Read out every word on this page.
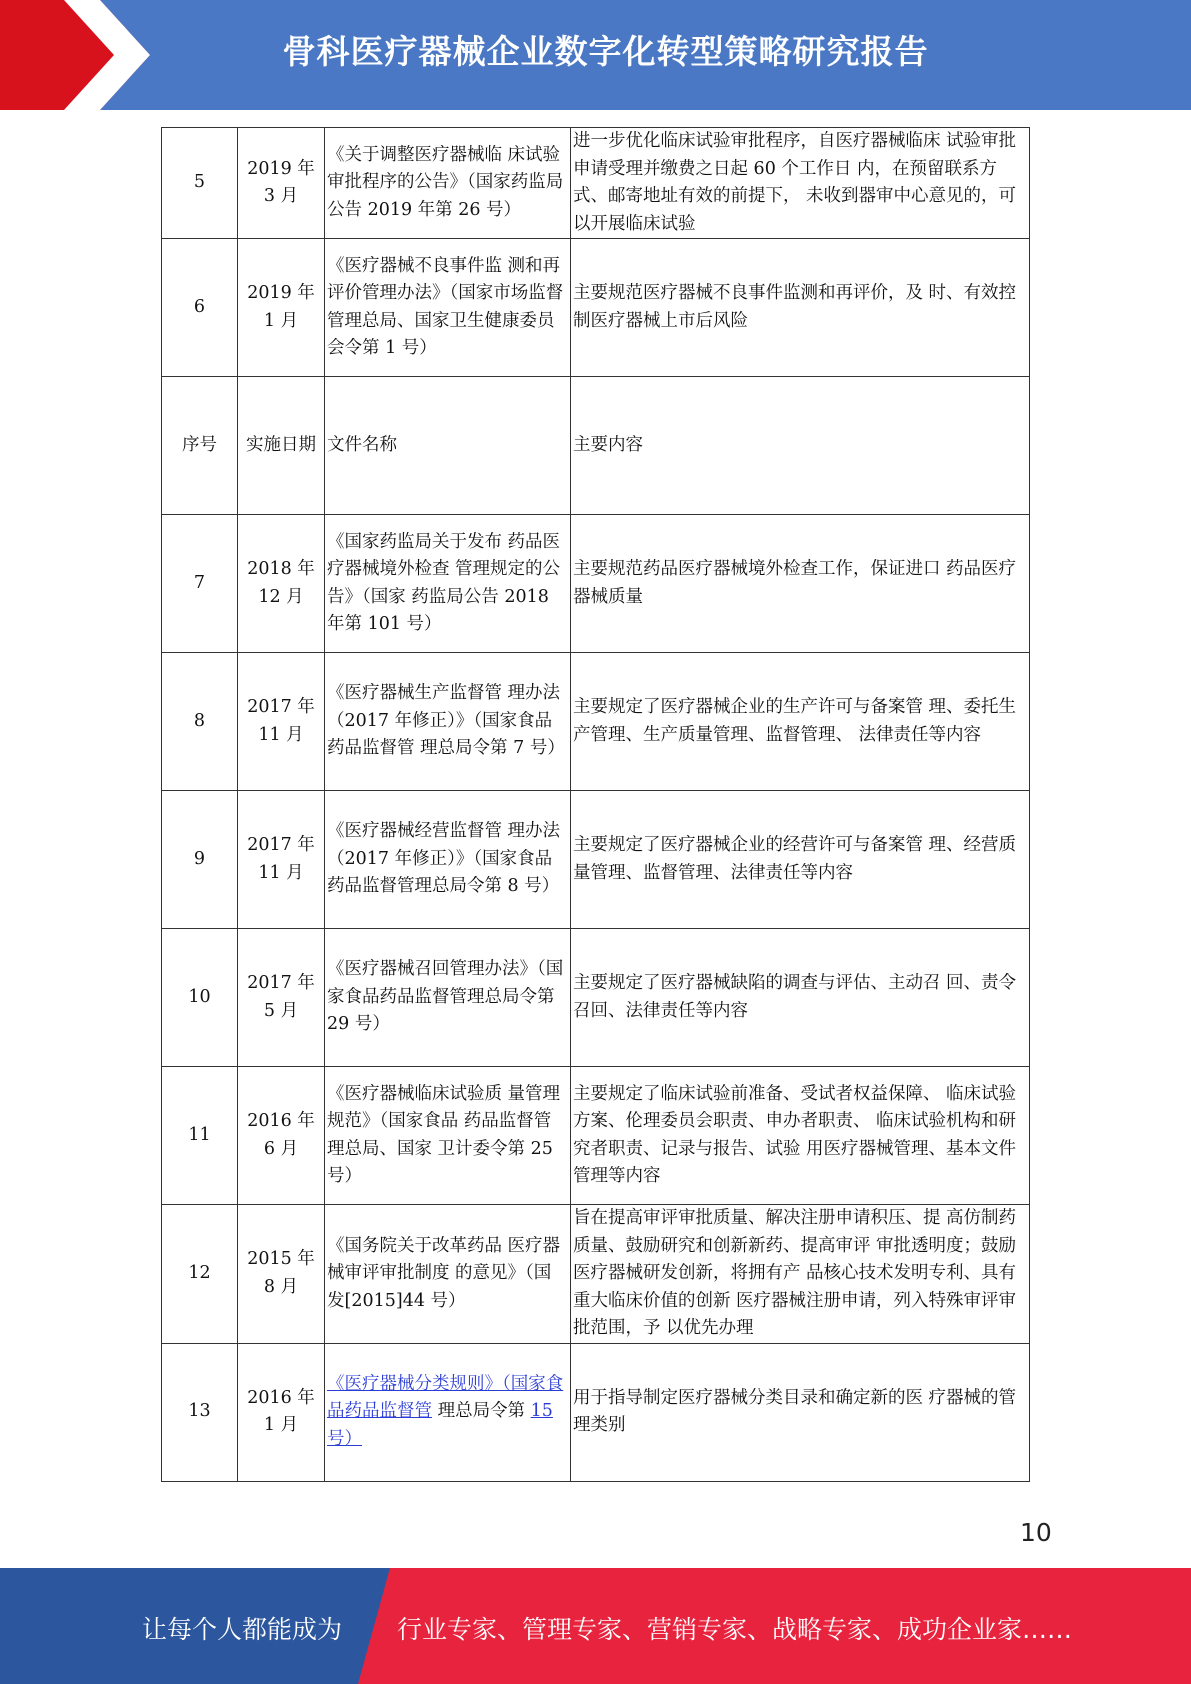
骨科医疗器械企业数字化转型策略研究报告
5	2019 年 3 月	《关于调整医疗器械临 床试验审批程序的公告》（国家药监局公告 2019 年第 26 号）	进一步优化临床试验审批程序，自医疗器械临床 试验审批申请受理并缴费之日起 60 个工作日 内，在预留联系方式、邮寄地址有效的前提下， 未收到器审中心意见的，可以开展临床试验
6	2019 年 1 月	《医疗器械不良事件监 测和再评价管理办法》（国家市场监督管理总局、国家卫生健康委员会令第 1 号）	主要规范医疗器械不良事件监测和再评价，及 时、有效控制医疗器械上市后风险
序号	实施日期	文件名称	主要内容
7	2018 年 12 月	《国家药监局关于发布 药品医疗器械境外检查 管理规定的公告》（国家 药监局公告 2018 年第 101 号）	主要规范药品医疗器械境外检查工作，保证进口 药品医疗器械质量
8	2017 年 11 月	《医疗器械生产监督管 理办法（2017 年修正）》（国家食品药品监督管 理总局令第 7 号）	主要规定了医疗器械企业的生产许可与备案管 理、委托生产管理、生产质量管理、监督管理、 法律责任等内容
9	2017 年 11 月	《医疗器械经营监督管 理办法（2017 年修正）》（国家食品药品监督管理总局令第 8 号）	主要规定了医疗器械企业的经营许可与备案管 理、经营质量管理、监督管理、法律责任等内容
10	2017 年 5 月	《医疗器械召回管理办法》（国家食品药品监督管理总局令第 29 号）	主要规定了医疗器械缺陷的调查与评估、主动召 回、责令召回、法律责任等内容
11	2016 年 6 月	《医疗器械临床试验质 量管理规范》（国家食品 药品监督管理总局、国家 卫计委令第 25 号）	主要规定了临床试验前准备、受试者权益保障、 临床试验方案、伦理委员会职责、申办者职责、 临床试验机构和研究者职责、记录与报告、试验 用医疗器械管理、基本文件管理等内容
12	2015 年 8 月	《国务院关于改革药品 医疗器械审评审批制度 的意见》（国发[2015]44 号）	旨在提高审评审批质量、解决注册申请积压、提 高仿制药质量、鼓励研究和创新新药、提高审评 审批透明度；鼓励医疗器械研发创新，将拥有产 品核心技术发明专利、具有重大临床价值的创新 医疗器械注册申请，列入特殊审评审批范围，予 以优先办理
13	2016 年 1 月	《医疗器械分类规则》（国家食品药品监督管 理总局令第 15 号）	用于指导制定医疗器械分类目录和确定新的医 疗器械的管理类别
10
让每个人都能成为 行业专家、管理专家、营销专家、战略专家、成功企业家……
